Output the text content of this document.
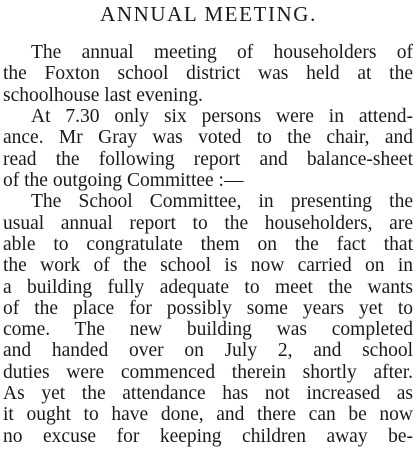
ANNUAL MEETING.
The annual meeting of householders of
the Foxton school district was held at the
schoolhouse last evening.
At 7.30 only six persons were in attend-
ance. Mr Gray was voted to the chair, and
read the following report and balance-sheet
of the outgoing Committee :—
The School Committee, in presenting the
usual annual report to the householders, are
able to congratulate them on the fact that
the work of the school is now carried on in
a building fully adequate to meet the wants
of the place for possibly some years yet to
come. The new building was completed
and handed over on July 2, and school
duties were commenced therein shortly after.
As yet the attendance has not increased as
it ought to have done, and there can be now
no excuse for keeping children away be-
